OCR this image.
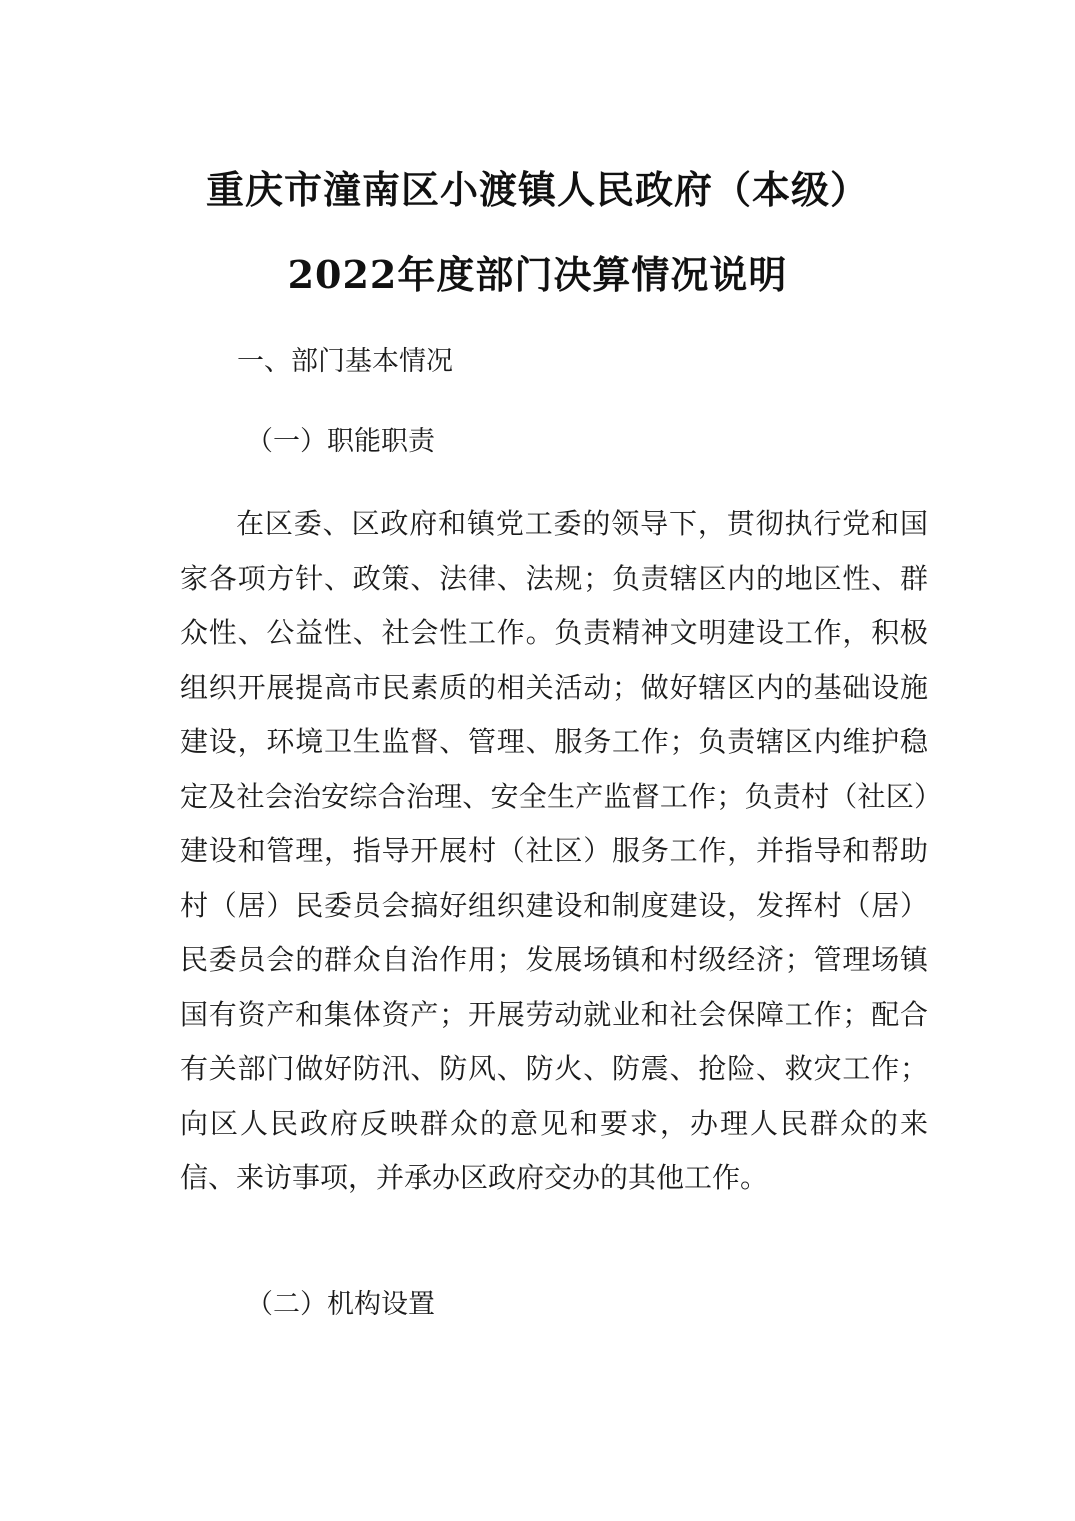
重庆市潼南区小渡镇人民政府（本级）
2022年度部门决算情况说明
一、部门基本情况
（一）职能职责

在区委、区政府和镇党工委的领导下，贯彻执行党和国家各项方针、政策、法律、法规；负责辖区内的地区性、群众性、公益性、社会性工作。负责精神文明建设工作，积极组织开展提高市民素质的相关活动；做好辖区内的基础设施建设，环境卫生监督、管理、服务工作；负责辖区内维护稳定及社会治安综合治理、安全生产监督工作；负责村（社区）建设和管理，指导开展村（社区）服务工作，并指导和帮助村（居）民委员会搞好组织建设和制度建设，发挥村（居）民委员会的群众自治作用；发展场镇和村级经济；管理场镇国有资产和集体资产；开展劳动就业和社会保障工作；配合有关部门做好防汛、防风、防火、防震、抢险、救灾工作；向区人民政府反映群众的意见和要求，办理人民群众的来信、来访事项，并承办区政府交办的其他工作。

（二）机构设置
